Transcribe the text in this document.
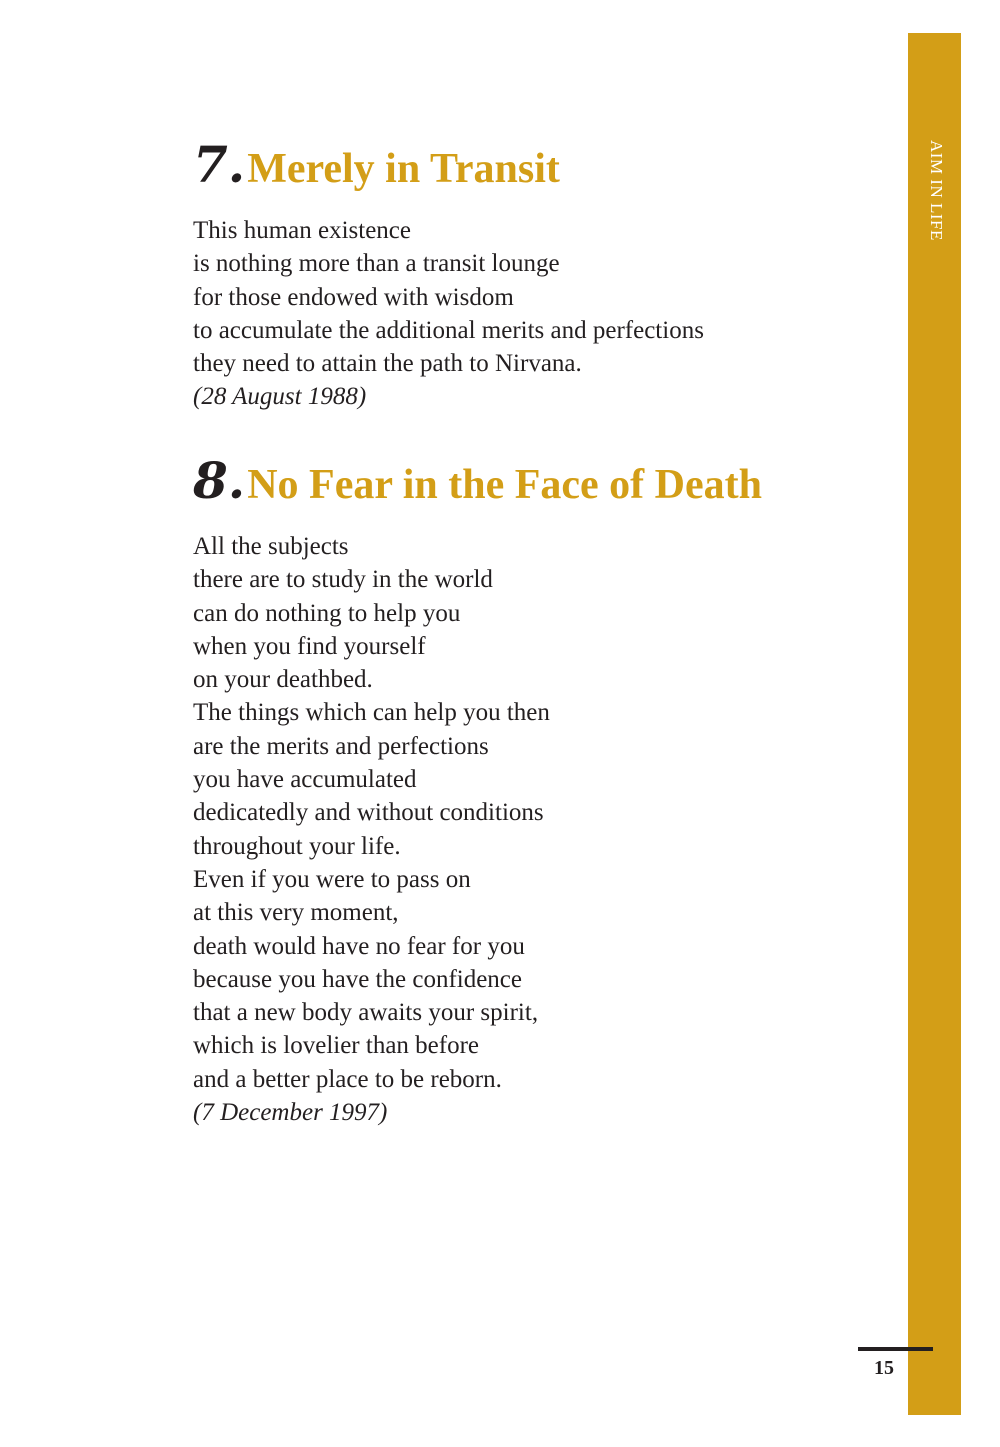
AIM IN LIFE
7. Merely in Transit
This human existence
is nothing more than a transit lounge
for those endowed with wisdom
to accumulate the additional merits and perfections
they need to attain the path to Nirvana.

(28 August 1988)

8. No Fear in the Face of Death
All the subjects
there are to study in the world
can do nothing to help you
when you find yourself
on your deathbed.
The things which can help you then
are the merits and perfections
you have accumulated
dedicatedly and without conditions
throughout your life.
Even if you were to pass on
at this very moment,
death would have no fear for you
because you have the confidence
that a new body awaits your spirit,
which is lovelier than before
and a better place to be reborn.

(7 December 1997)

15
